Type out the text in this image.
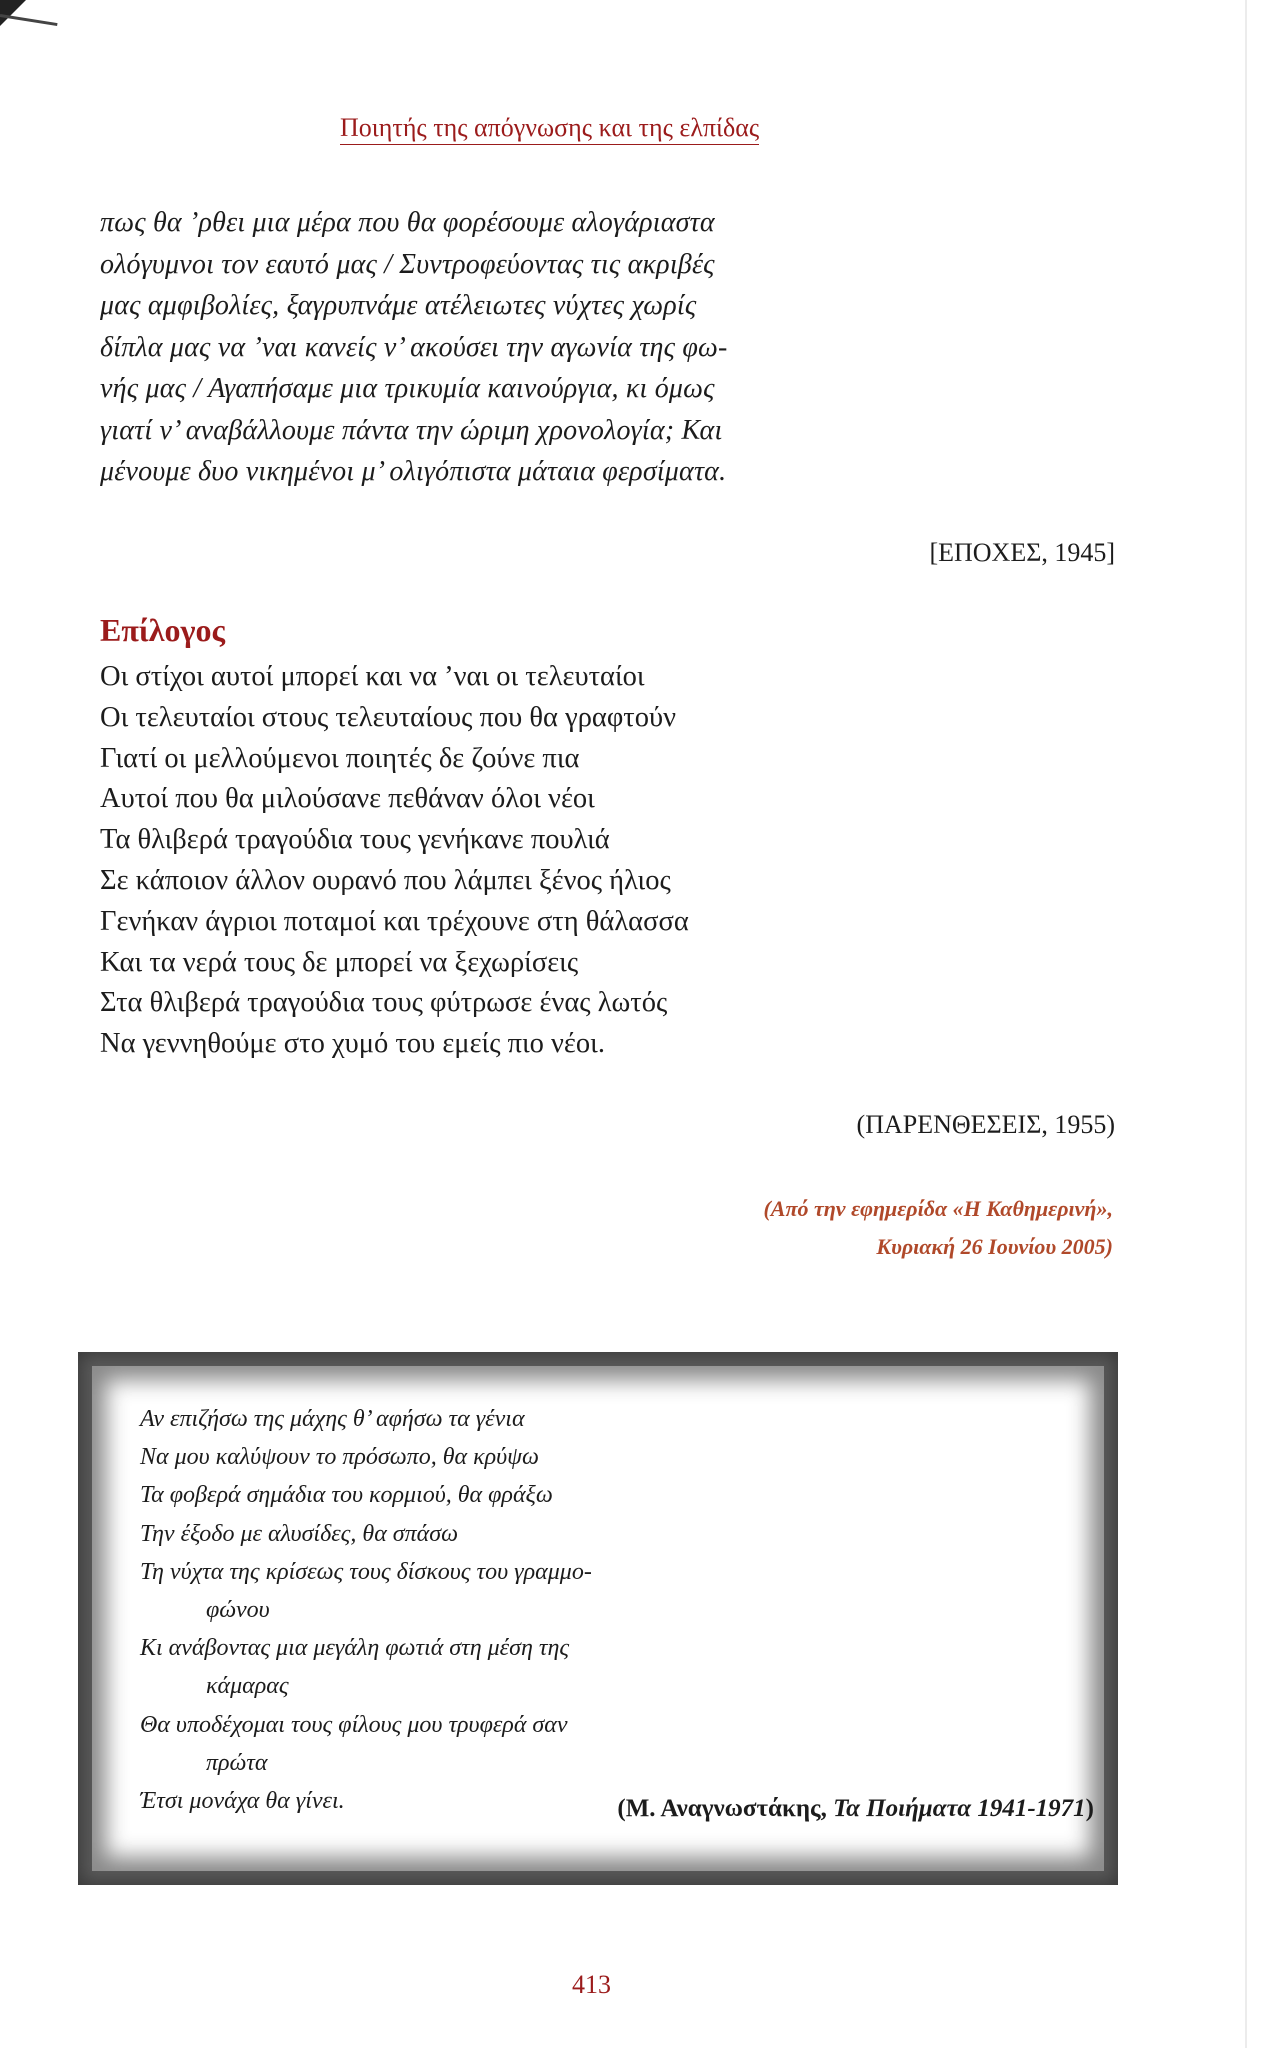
Ποιητής της απόγνωσης και της ελπίδας

πως θα ’ρθει μια μέρα που θα φορέσουμε αλογάριαστα
ολόγυμνοι τον εαυτό μας / Συντροφεύοντας τις ακριβές
μας αμφιβολίες, ξαγρυπνάμε ατέλειωτες νύχτες χωρίς
δίπλα μας να ’ναι κανείς ν’ ακούσει την αγωνία της φω-
νής μας / Αγαπήσαμε μια τρικυμία καινούργια, κι όμως
γιατί ν’ αναβάλλουμε πάντα την ώριμη χρονολογία; Και
μένουμε δυο νικημένοι μ’ ολιγόπιστα μάταια φερσίματα.

[ΕΠΟΧΕΣ, 1945]
Επίλογος
Οι στίχοι αυτοί μπορεί και να ’ναι οι τελευταίοι
Οι τελευταίοι στους τελευταίους που θα γραφτούν
Γιατί οι μελλούμενοι ποιητές δε ζούνε πια
Αυτοί που θα μιλούσανε πεθάναν όλοι νέοι
Τα θλιβερά τραγούδια τους γενήκανε πουλιά
Σε κάποιον άλλον ουρανό που λάμπει ξένος ήλιος
Γενήκαν άγριοι ποταμοί και τρέχουνε στη θάλασσα
Και τα νερά τους δε μπορεί να ξεχωρίσεις
Στα θλιβερά τραγούδια τους φύτρωσε ένας λωτός
Να γεννηθούμε στο χυμό του εμείς πιο νέοι.
(ΠΑΡΕΝΘΕΣΕΙΣ, 1955)
(Από την εφημερίδα «Η Καθημερινή»,
Κυριακή 26 Ιουνίου 2005)
Αν επιζήσω της μάχης θ’ αφήσω τα γένια
Να μου καλύψουν το πρόσωπο, θα κρύψω
Τα φοβερά σημάδια του κορμιού, θα φράξω
Την έξοδο με αλυσίδες, θα σπάσω
Τη νύχτα της κρίσεως τους δίσκους του γραμμο-
φώνου
Κι ανάβοντας μια μεγάλη φωτιά στη μέση της
κάμαρας
Θα υποδέχομαι τους φίλους μου τρυφερά σαν
πρώτα
Έτσι μονάχα θα γίνει.	(Μ. Αναγνωστάκης, Τα Ποιήματα 1941-1971)
413
